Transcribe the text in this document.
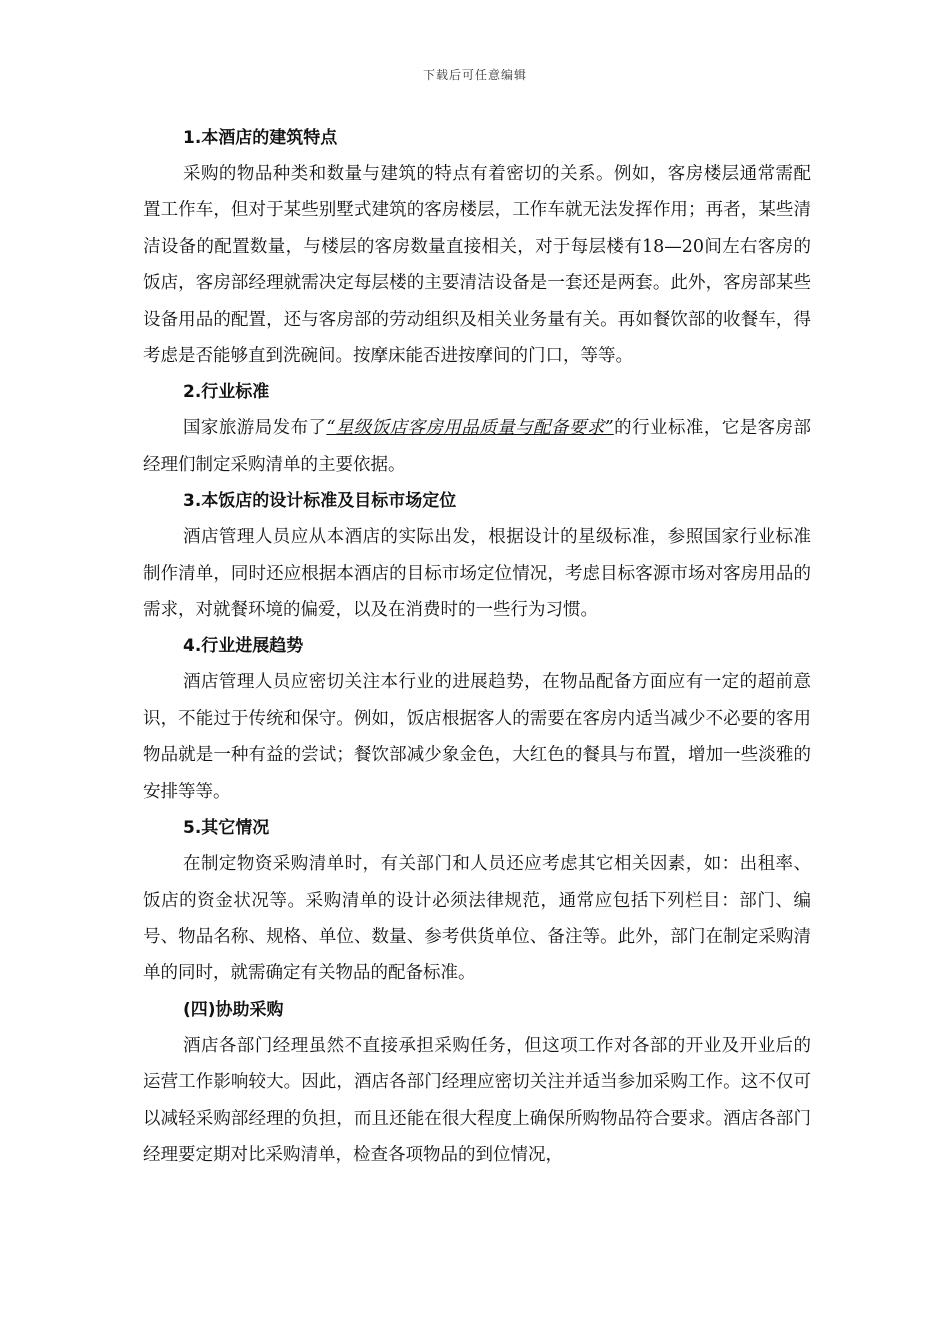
下载后可任意编辑
1.本酒店的建筑特点

采购的物品种类和数量与建筑的特点有着密切的关系。例如，客房楼层通常需配置工作车，但对于某些别墅式建筑的客房楼层，工作车就无法发挥作用；再者，某些清洁设备的配置数量，与楼层的客房数量直接相关，对于每层楼有18—20间左右客房的饭店，客房部经理就需决定每层楼的主要清洁设备是一套还是两套。此外，客房部某些设备用品的配置，还与客房部的劳动组织及相关业务量有关。再如餐饮部的收餐车，得考虑是否能够直到洗碗间。按摩床能否进按摩间的门口，等等。

2.行业标准

国家旅游局发布了“星级饭店客房用品质量与配备要求”的行业标准，它是客房部经理们制定采购清单的主要依据。

3.本饭店的设计标准及目标市场定位

酒店管理人员应从本酒店的实际出发，根据设计的星级标准，参照国家行业标准制作清单，同时还应根据本酒店的目标市场定位情况，考虑目标客源市场对客房用品的需求，对就餐环境的偏爱，以及在消费时的一些行为习惯。

4.行业进展趋势

酒店管理人员应密切关注本行业的进展趋势，在物品配备方面应有一定的超前意识，不能过于传统和保守。例如，饭店根据客人的需要在客房内适当减少不必要的客用物品就是一种有益的尝试；餐饮部减少象金色，大红色的餐具与布置，增加一些淡雅的安排等等。

5.其它情况

在制定物资采购清单时，有关部门和人员还应考虑其它相关因素，如：出租率、饭店的资金状况等。采购清单的设计必须法律规范，通常应包括下列栏目：部门、编号、物品名称、规格、单位、数量、参考供货单位、备注等。此外，部门在制定采购清单的同时，就需确定有关物品的配备标准。

(四)协助采购

酒店各部门经理虽然不直接承担采购任务，但这项工作对各部的开业及开业后的运营工作影响较大。因此，酒店各部门经理应密切关注并适当参加采购工作。这不仅可以减轻采购部经理的负担，而且还能在很大程度上确保所购物品符合要求。酒店各部门经理要定期对比采购清单，检查各项物品的到位情况，
